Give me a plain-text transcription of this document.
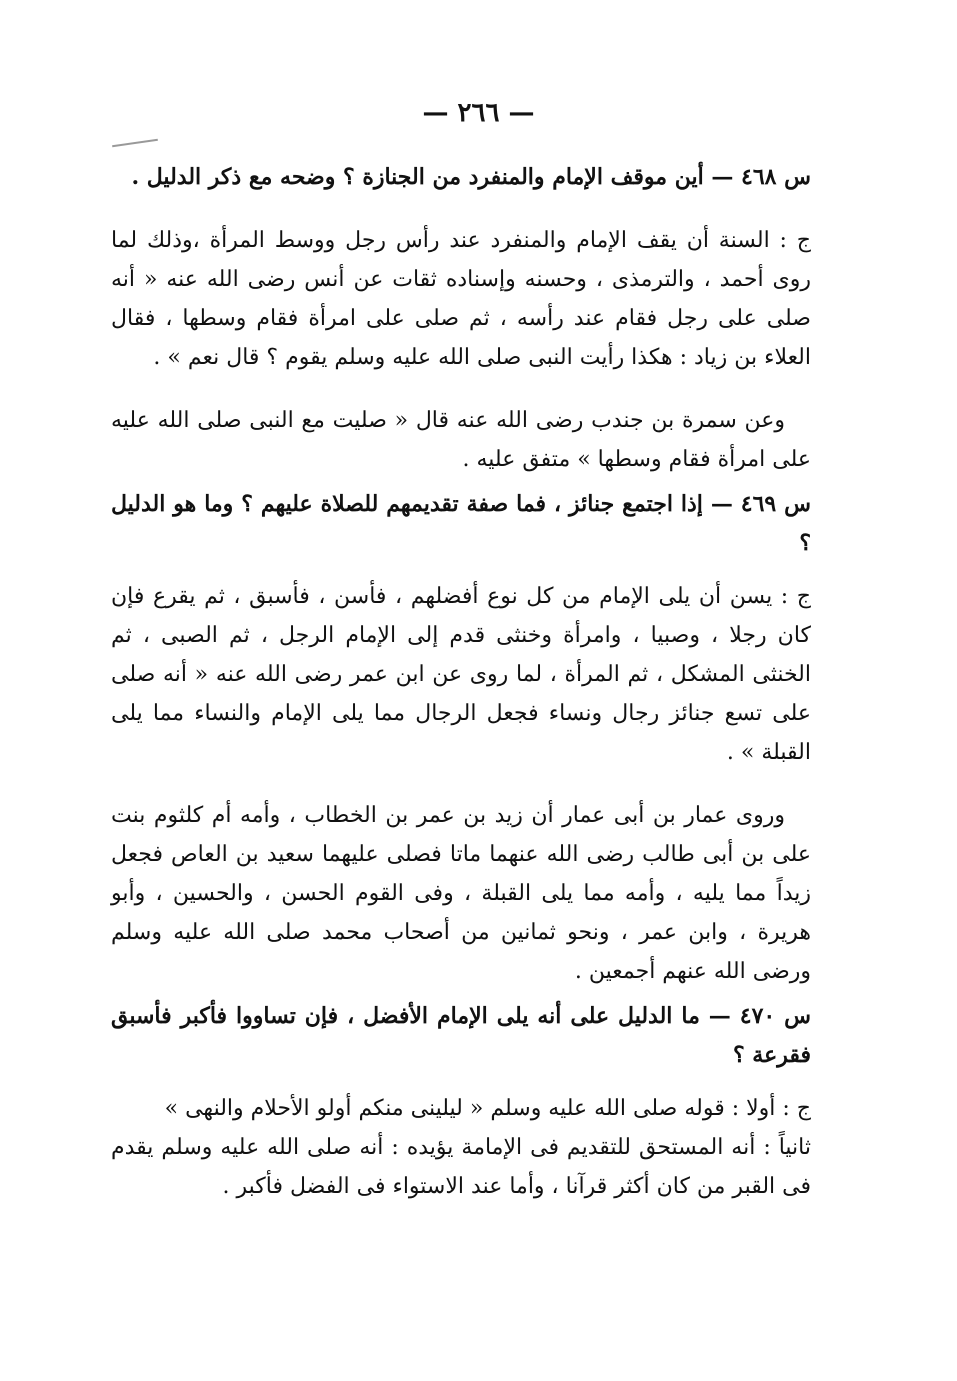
— ٢٦٦ —

س ٤٦٨ — أين موقف الإمام والمنفرد من الجنازة ؟ وضحه مع ذكر الدليل .

ج : السنة أن يقف الإمام والمنفرد عند رأس رجل ووسط المرأة ،وذلك لما روى أحمد ، والترمذى ، وحسنه وإسناده ثقات عن أنس رضى الله عنه « أنه صلى على رجل فقام عند رأسه ، ثم صلى على امرأة فقام وسطها ، فقال العلاء بن زياد : هكذا رأيت النبى صلى الله عليه وسلم يقوم ؟ قال نعم » .

وعن سمرة بن جندب رضى الله عنه قال « صليت مع النبى صلى الله عليه على امرأة فقام وسطها » متفق عليه .

س ٤٦٩ — إذا اجتمع جنائز ، فما صفة تقديمهم للصلاة عليهم ؟ وما هو الدليل ؟

ج : يسن أن يلى الإمام من كل نوع أفضلهم ، فأسن ، فأسبق ، ثم يقرع فإن كان رجلا ، وصبيا ، وامرأة وخنثى قدم إلى الإمام الرجل ، ثم الصبى ، ثم الخنثى المشكل ، ثم المرأة ، لما روى عن ابن عمر رضى الله عنه « أنه صلى على تسع جنائز رجال ونساء فجعل الرجال مما يلى الإمام والنساء مما يلى القبلة » .

وروى عمار بن أبى عمار أن زيد بن عمر بن الخطاب ، وأمه أم كلثوم بنت على بن أبى طالب رضى الله عنهما ماتا فصلى عليهما سعيد بن العاص فجعل زيداً مما يليه ، وأمه مما يلى القبلة ، وفى القوم الحسن ، والحسين ، وأبو هريرة ، وابن عمر ، ونحو ثمانين من أصحاب محمد صلى الله عليه وسلم ورضى الله عنهم أجمعين .

س ٤٧٠ — ما الدليل على أنه يلى الإمام الأفضل ، فإن تساووا فأكبر فأسبق فقرعة ؟

ج : أولا : قوله صلى الله عليه وسلم « ليلينى منكم أولو الأحلام والنهى »

ثانياً : أنه المستحق للتقديم فى الإمامة يؤيده : أنه صلى الله عليه وسلم يقدم فى القبر من كان أكثر قرآنا ، وأما عند الاستواء فى الفضل فأكبر .
